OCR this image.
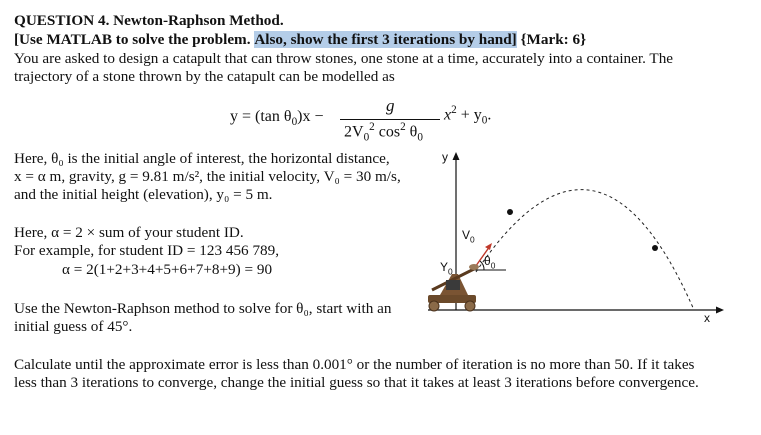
QUESTION 4. Newton-Raphson Method.
[Use MATLAB to solve the problem. Also, show the first 3 iterations by hand] {Mark: 6}
You are asked to design a catapult that can throw stones, one stone at a time, accurately into a container. The
trajectory of a stone thrown by the catapult can be modelled as
y = (tan $\theta_0)x$ −
g
$2V_0^2$ $\cos^2 \theta_0$
$x^2 + y_0$.
Here, θ₀ is the initial angle of interest, the horizontal distance,
x = α m, gravity, g = 9.81 m/s², the initial velocity, V₀ = 30 m/s,
and the initial height (elevation), y₀ = 5 m.
Here, α = 2 × sum of your student ID.
For example, for student ID = 123 456 789,
α = 2(1+2+3+4+5+6+7+8+9) = 90
Use the Newton-Raphson method to solve for θ₀, start with an
initial guess of 45°.
Calculate until the approximate error is less than 0.001° or the number of iteration is no more than 50. If it takes
less than 3 iterations to converge, change the initial guess so that it takes at least 3 iterations before convergence.
y
x
$V_0$
$\theta_0$
$Y_0$
